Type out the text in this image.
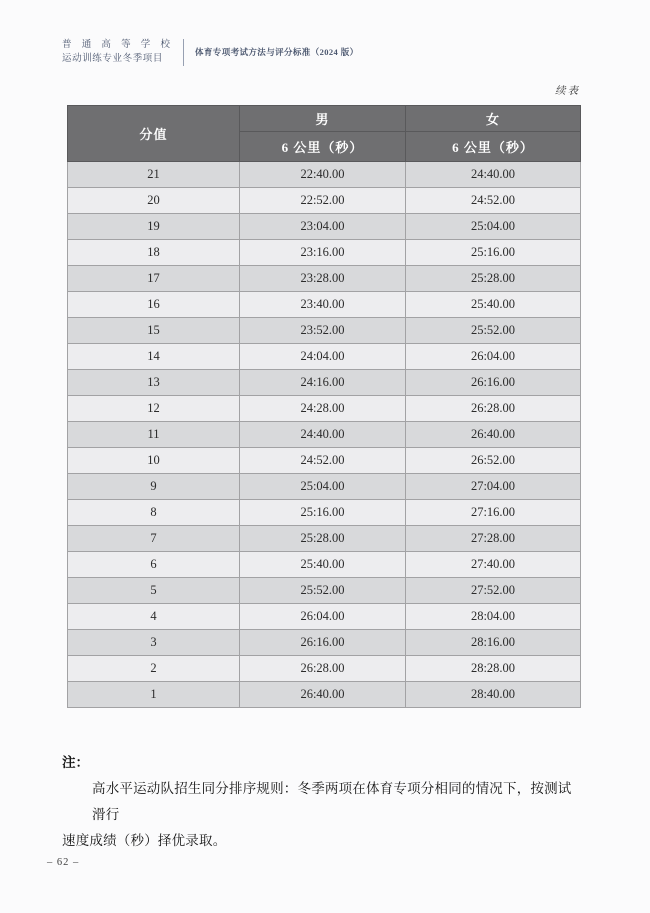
普通高等学校
运动训练专业冬季项目
体育专项考试方法与评分标准（2024 版）
续表
分值	男	女
	6 公里（秒）	6 公里（秒）
21	22:40.00	24:40.00
20	22:52.00	24:52.00
19	23:04.00	25:04.00
18	23:16.00	25:16.00
17	23:28.00	25:28.00
16	23:40.00	25:40.00
15	23:52.00	25:52.00
14	24:04.00	26:04.00
13	24:16.00	26:16.00
12	24:28.00	26:28.00
11	24:40.00	26:40.00
10	24:52.00	26:52.00
9	25:04.00	27:04.00
8	25:16.00	27:16.00
7	25:28.00	27:28.00
6	25:40.00	27:40.00
5	25:52.00	27:52.00
4	26:04.00	28:04.00
3	26:16.00	28:16.00
2	26:28.00	28:28.00
1	26:40.00	28:40.00
注：
高水平运动队招生同分排序规则：冬季两项在体育专项分相同的情况下，按测试滑行
速度成绩（秒）择优录取。
– 62 –
